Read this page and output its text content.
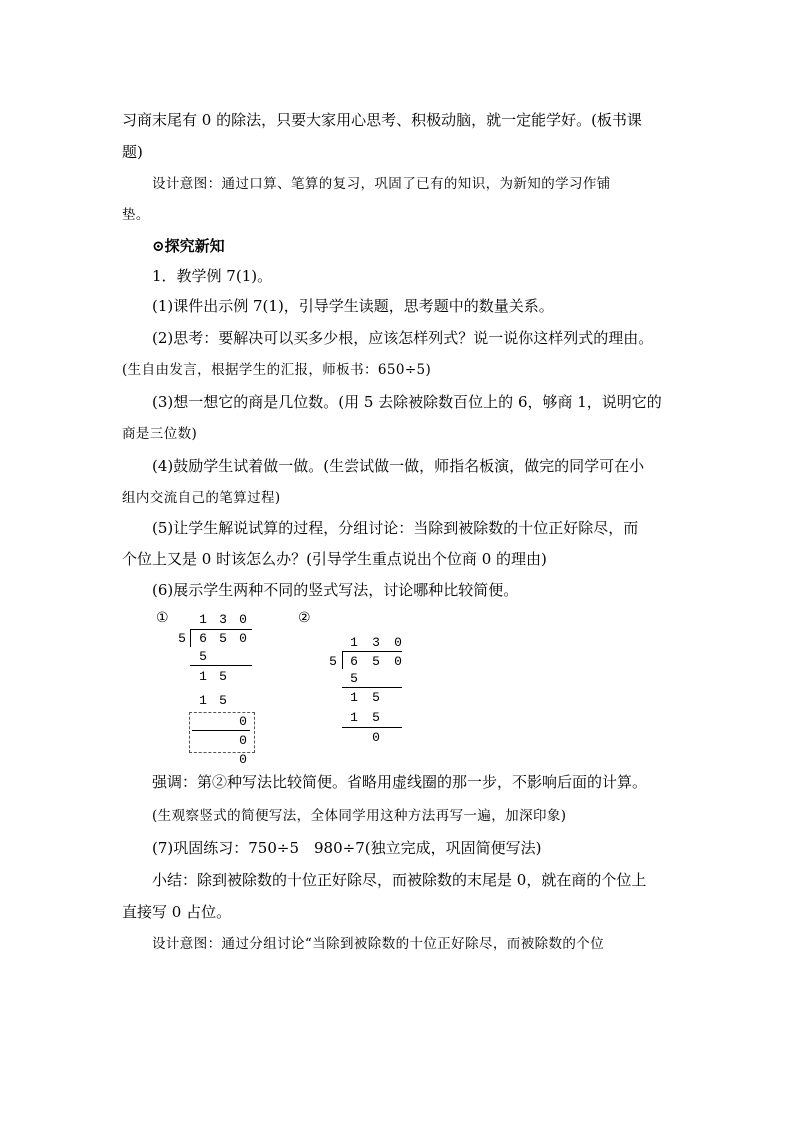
习商末尾有 0 的除法，只要大家用心思考、积极动脑，就一定能学好。(板书课
题)
设计意图：通过口算、笔算的复习，巩固了已有的知识，为新知的学习作铺
垫。
⊙探究新知
1．教学例 7(1)。
(1)课件出示例 7(1)，引导学生读题，思考题中的数量关系。
(2)思考：要解决可以买多少根，应该怎样列式？说一说你这样列式的理由。
(生自由发言，根据学生的汇报，师板书：650÷5)
(3)想一想它的商是几位数。(用 5 去除被除数百位上的 6，够商 1，说明它的
商是三位数)
(4)鼓励学生试着做一做。(生尝试做一做，师指名板演，做完的同学可在小
组内交流自己的笔算过程)
(5)让学生解说试算的过程，分组讨论：当除到被除数的十位正好除尽，而
个位上又是 0 时该怎么办？(引导学生重点说出个位商 0 的理由)
(6)展示学生两种不同的竖式写法，讨论哪种比较简便。
① 1 3 0
5 6 5 0
5
1 5
1 5
0
0
0
②
1 3 0
5 6 5 0
5
1 5
1 5
0
强调：第②种写法比较简便。省略用虚线圈的那一步，不影响后面的计算。
(生观察竖式的简便写法，全体同学用这种方法再写一遍，加深印象)
(7)巩固练习：750÷5　980÷7(独立完成，巩固简便写法)
小结：除到被除数的十位正好除尽，而被除数的末尾是 0，就在商的个位上
直接写 0 占位。
设计意图：通过分组讨论“当除到被除数的十位正好除尽，而被除数的个位
